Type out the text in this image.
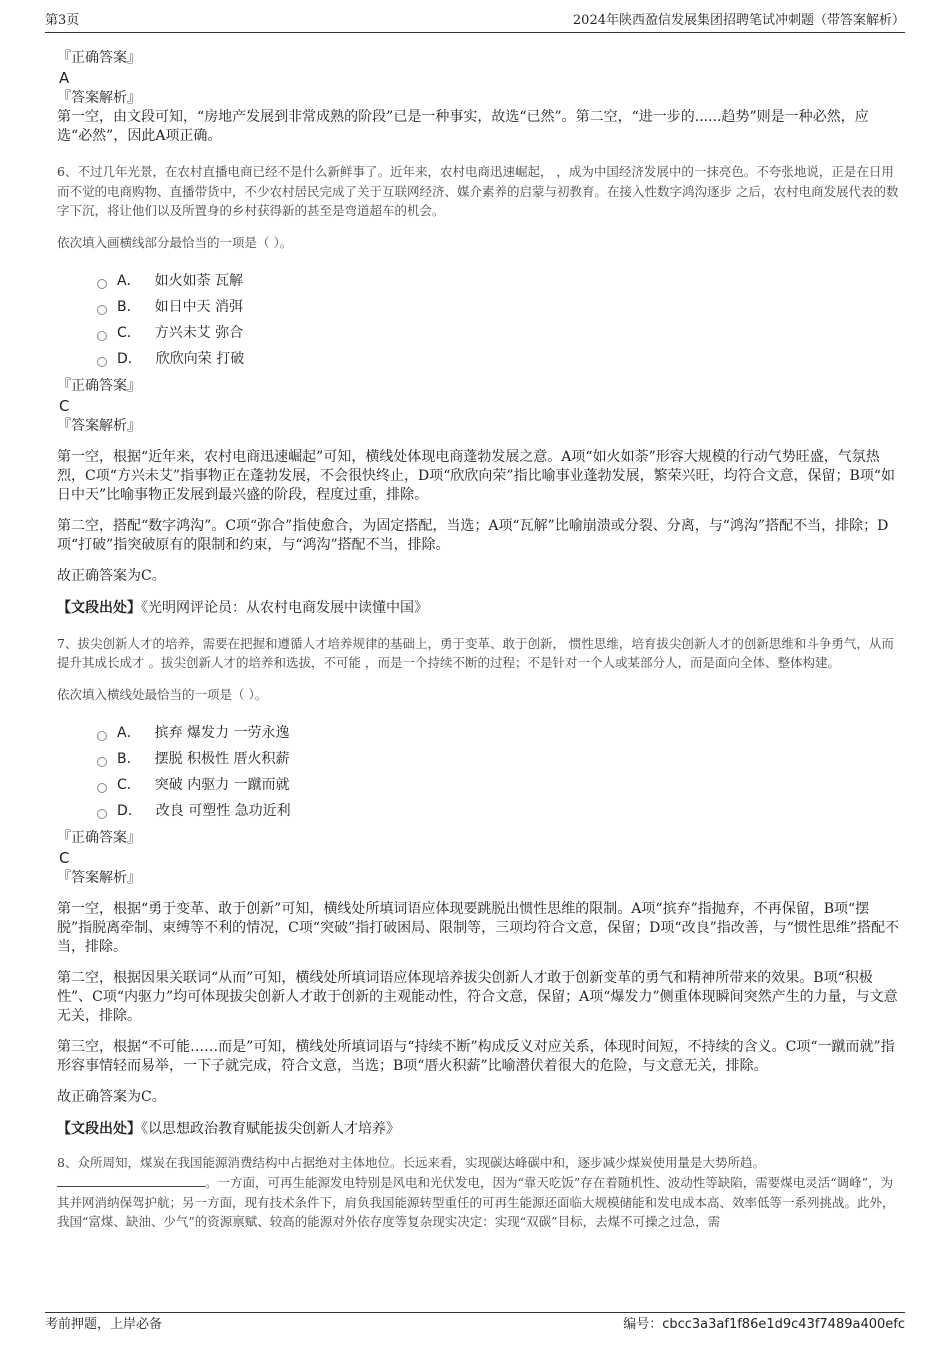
第3页	2024年陕西盈信发展集团招聘笔试冲刺题（带答案解析）

『正确答案』

A

『答案解析』

第一空，由文段可知，“房地产发展到非常成熟的阶段”已是一种事实，故选“已然”。第二空，“进一步的......趋势”则是一种必然，应选“必然”，因此A项正确。

6、不过几年光景，在农村直播电商已经不是什么新鲜事了。近年来，农村电商迅速崛起， ，成为中国经济发展中的一抹亮色。不夸张地说，正是在日用而不觉的电商购物、直播带货中，不少农村居民完成了关于互联网经济、媒介素养的启蒙与初教育。在接入性数字鸿沟逐步 之后，农村电商发展代表的数字下沉，将让他们以及所置身的乡村获得新的甚至是弯道超车的机会。

依次填入画横线部分最恰当的一项是（ ）。

A． 如火如荼 瓦解
B． 如日中天 消弭
C． 方兴未艾 弥合
D． 欣欣向荣 打破

『正确答案』

C

『答案解析』

第一空，根据“近年来，农村电商迅速崛起”可知，横线处体现电商蓬勃发展之意。A项“如火如荼”形容大规模的行动气势旺盛，气氛热烈，C项“方兴未艾”指事物正在蓬勃发展，不会很快终止，D项“欣欣向荣”指比喻事业蓬勃发展，繁荣兴旺，均符合文意，保留；B项“如日中天”比喻事物正发展到最兴盛的阶段，程度过重，排除。

第二空，搭配“数字鸿沟”。C项“弥合”指使愈合，为固定搭配，当选；A项“瓦解”比喻崩溃或分裂、分离，与“鸿沟”搭配不当，排除；D项“打破”指突破原有的限制和约束，与“鸿沟”搭配不当，排除。

故正确答案为C。

【文段出处】《光明网评论员：从农村电商发展中读懂中国》

7、拔尖创新人才的培养，需要在把握和遵循人才培养规律的基础上，勇于变革、敢于创新， 惯性思维，培育拔尖创新人才的创新思维和斗争勇气，从而提升其成长成才 。拔尖创新人才的培养和选拔，不可能 ，而是一个持续不断的过程；不是针对一个人或某部分人，而是面向全体、整体构建。

依次填入横线处最恰当的一项是（ ）。

A． 摈弃 爆发力 一劳永逸
B． 摆脱 积极性 厝火积薪
C． 突破 内驱力 一蹴而就
D． 改良 可塑性 急功近利

『正确答案』

C

『答案解析』

第一空，根据“勇于变革、敢于创新”可知，横线处所填词语应体现要跳脱出惯性思维的限制。A项“摈弃”指抛弃，不再保留，B项“摆脱”指脱离牵制、束缚等不利的情况，C项“突破”指打破困局、限制等，三项均符合文意，保留；D项“改良”指改善，与“惯性思维”搭配不当，排除。

第二空，根据因果关联词“从而”可知，横线处所填词语应体现培养拔尖创新人才敢于创新变革的勇气和精神所带来的效果。B项“积极性”、C项“内驱力”均可体现拔尖创新人才敢于创新的主观能动性，符合文意，保留；A项“爆发力”侧重体现瞬间突然产生的力量，与文意无关，排除。

第三空，根据“不可能……而是”可知，横线处所填词语与“持续不断”构成反义对应关系，体现时间短，不持续的含义。C项“一蹴而就”指形容事情轻而易举，一下子就完成，符合文意，当选；B项“厝火积薪”比喻潜伏着很大的危险，与文意无关，排除。

故正确答案为C。

【文段出处】《以思想政治教育赋能拔尖创新人才培养》

8、众所周知，煤炭在我国能源消费结构中占据绝对主体地位。长远来看，实现碳达峰碳中和，逐步减少煤炭使用量是大势所趋。。一方面，可再生能源发电特别是风电和光伏发电，因为“靠天吃饭”存在着随机性、波动性等缺陷，需要煤电灵活“调峰”，为其并网消纳保驾护航；另一方面，现有技术条件下，肩负我国能源转型重任的可再生能源还面临大规模储能和发电成本高、效率低等一系列挑战。此外，我国“富煤、缺油、少气”的资源禀赋、较高的能源对外依存度等复杂现实决定：实现“双碳”目标，去煤不可操之过急，需

考前押题，上岸必备	编号：cbcc3a3af1f86e1d9c43f7489a400efc
